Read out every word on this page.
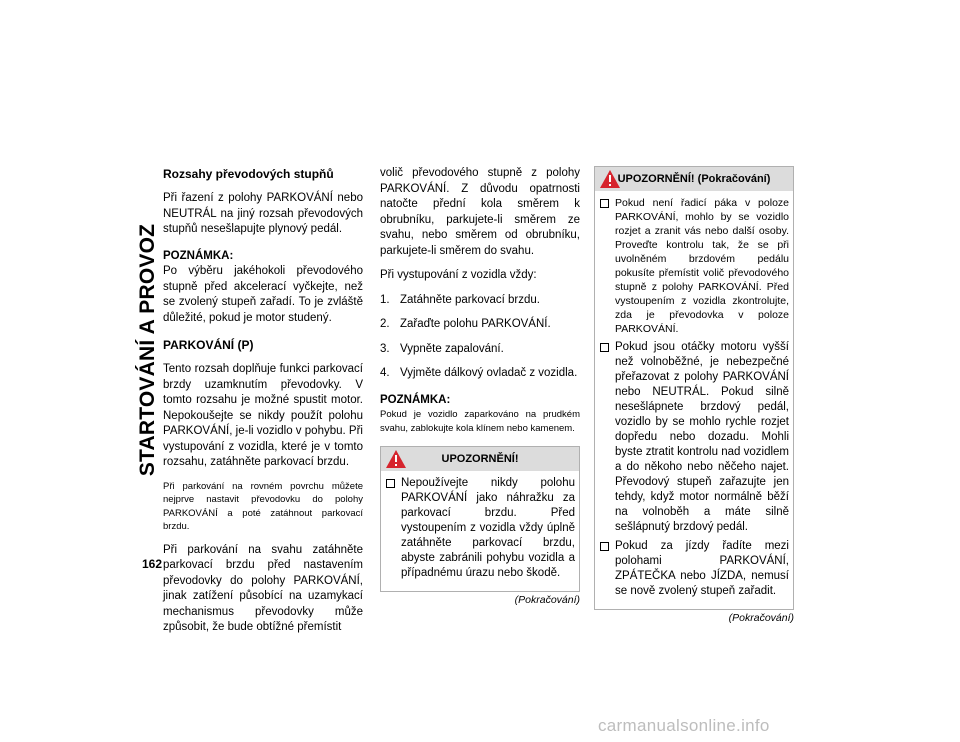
STARTOVÁNÍ A PROVOZ
162
Rozsahy převodových stupňů

Při řazení z polohy PARKOVÁNÍ nebo NEUTRÁL na jiný rozsah převodových stupňů nesešlapujte plynový pedál.

POZNÁMKA:

Po výběru jakéhokoli převodového stupně před akcelerací vyčkejte, než se zvolený stupeň zařadí. To je zvláště důležité, pokud je motor studený.

PARKOVÁNÍ (P)

Tento rozsah doplňuje funkci parkovací brzdy uzamknutím převodovky. V tomto rozsahu je možné spustit motor. Nepokoušejte se nikdy použít polohu PARKOVÁNÍ, je-li vozidlo v pohybu. Při vystupování z vozidla, které je v tomto rozsahu, zatáhněte parkovací brzdu.

Při parkování na rovném povrchu můžete nejprve nastavit převodovku do polohy PARKOVÁNÍ a poté zatáhnout parkovací brzdu.

Při parkování na svahu zatáhněte parkovací brzdu před nastavením převodovky do polohy PARKOVÁNÍ, jinak zatížení působící na uzamykací mechanismus převodovky může způsobit, že bude obtížné přemístit

volič převodového stupně z polohy PARKOVÁNÍ. Z důvodu opatrnosti natočte přední kola směrem k obrubníku, parkujete-li směrem ze svahu, nebo směrem od obrubníku, parkujete-li směrem do svahu.

Při vystupování z vozidla vždy:

1. Zatáhněte parkovací brzdu.
2. Zařaďte polohu PARKOVÁNÍ.
3. Vypněte zapalování.
4. Vyjměte dálkový ovladač z vozidla.

POZNÁMKA:

Pokud je vozidlo zaparkováno na prudkém svahu, zablokujte kola klínem nebo kamenem.

UPOZORNĚNÍ!

Nepoužívejte nikdy polohu PARKOVÁNÍ jako náhražku za parkovací brzdu. Před vystoupením z vozidla vždy úplně zatáhněte parkovací brzdu, abyste zabránili pohybu vozidla a případnému úrazu nebo škodě.

(Pokračování)
UPOZORNĚNÍ! (Pokračování)

Pokud není řadicí páka v poloze PARKOVÁNÍ, mohlo by se vozidlo rozjet a zranit vás nebo další osoby. Proveďte kontrolu tak, že se při uvolněném brzdovém pedálu pokusíte přemístit volič převodového stupně z polohy PARKOVÁNÍ. Před vystoupením z vozidla zkontrolujte, zda je převodovka v poloze PARKOVÁNÍ.

Pokud jsou otáčky motoru vyšší než volnoběžné, je nebezpečné přeřazovat z polohy PARKOVÁNÍ nebo NEUTRÁL. Pokud silně nesešlápnete brzdový pedál, vozidlo by se mohlo rychle rozjet dopředu nebo dozadu. Mohli byste ztratit kontrolu nad vozidlem a do někoho nebo něčeho najet. Převodový stupeň zařazujte jen tehdy, když motor normálně běží na volnoběh a máte silně sešlápnutý brzdový pedál.

Pokud za jízdy řadíte mezi polohami PARKOVÁNÍ, ZPÁTEČKA nebo JÍZDA, nemusí se nově zvolený stupeň zařadit.

(Pokračování)
carmanualsonline.info
